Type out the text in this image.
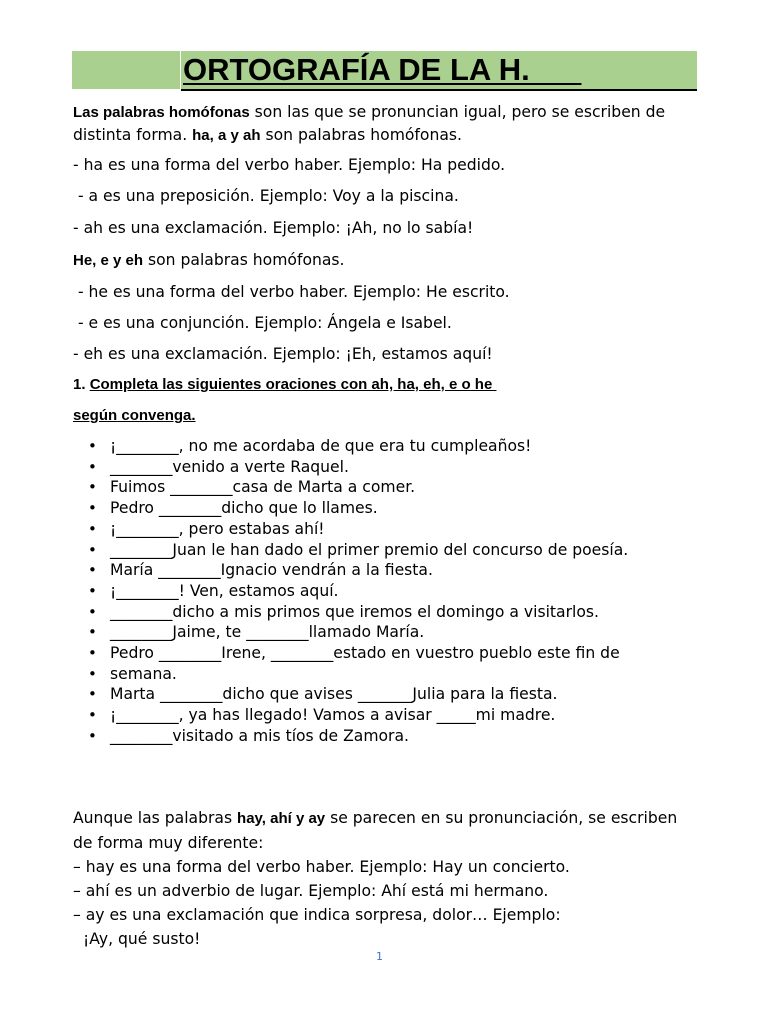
ORTOGRAFÍA DE LA H.
Las palabras homófonas son las que se pronuncian igual, pero se escriben de distinta forma. ha, a y ah son palabras homófonas.
- ha es una forma del verbo haber. Ejemplo: Ha pedido.
- a es una preposición. Ejemplo: Voy a la piscina.
- ah es una exclamación. Ejemplo: ¡Ah, no lo sabía!
He, e y eh son palabras homófonas.
- he es una forma del verbo haber. Ejemplo: He escrito.
- e es una conjunción. Ejemplo: Ángela e Isabel.
- eh es una exclamación. Ejemplo: ¡Eh, estamos aquí!
1. Completa las siguientes oraciones con ah, ha, eh, e o he
según convenga.
• ¡________, no me acordaba de que era tu cumpleaños!
• ________venido a verte Raquel.
• Fuimos ________casa de Marta a comer.
• Pedro ________dicho que lo llames.
• ¡________, pero estabas ahí!
• ________Juan le han dado el primer premio del concurso de poesía.
• María ________Ignacio vendrán a la fiesta.
• ¡________! Ven, estamos aquí.
• ________dicho a mis primos que iremos el domingo a visitarlos.
• ________Jaime, te ________llamado María.
• Pedro ________Irene, ________estado en vuestro pueblo este fin de
• semana.
• Marta ________dicho que avises _______Julia para la fiesta.
• ¡________, ya has llegado! Vamos a avisar _____mi madre.
• ________visitado a mis tíos de Zamora.
Aunque las palabras hay, ahí y ay se parecen en su pronunciación, se escriben de forma muy diferente:
– hay es una forma del verbo haber. Ejemplo: Hay un concierto.
– ahí es un adverbio de lugar. Ejemplo: Ahí está mi hermano.
– ay es una exclamación que indica sorpresa, dolor… Ejemplo:
¡Ay, qué susto!
1
